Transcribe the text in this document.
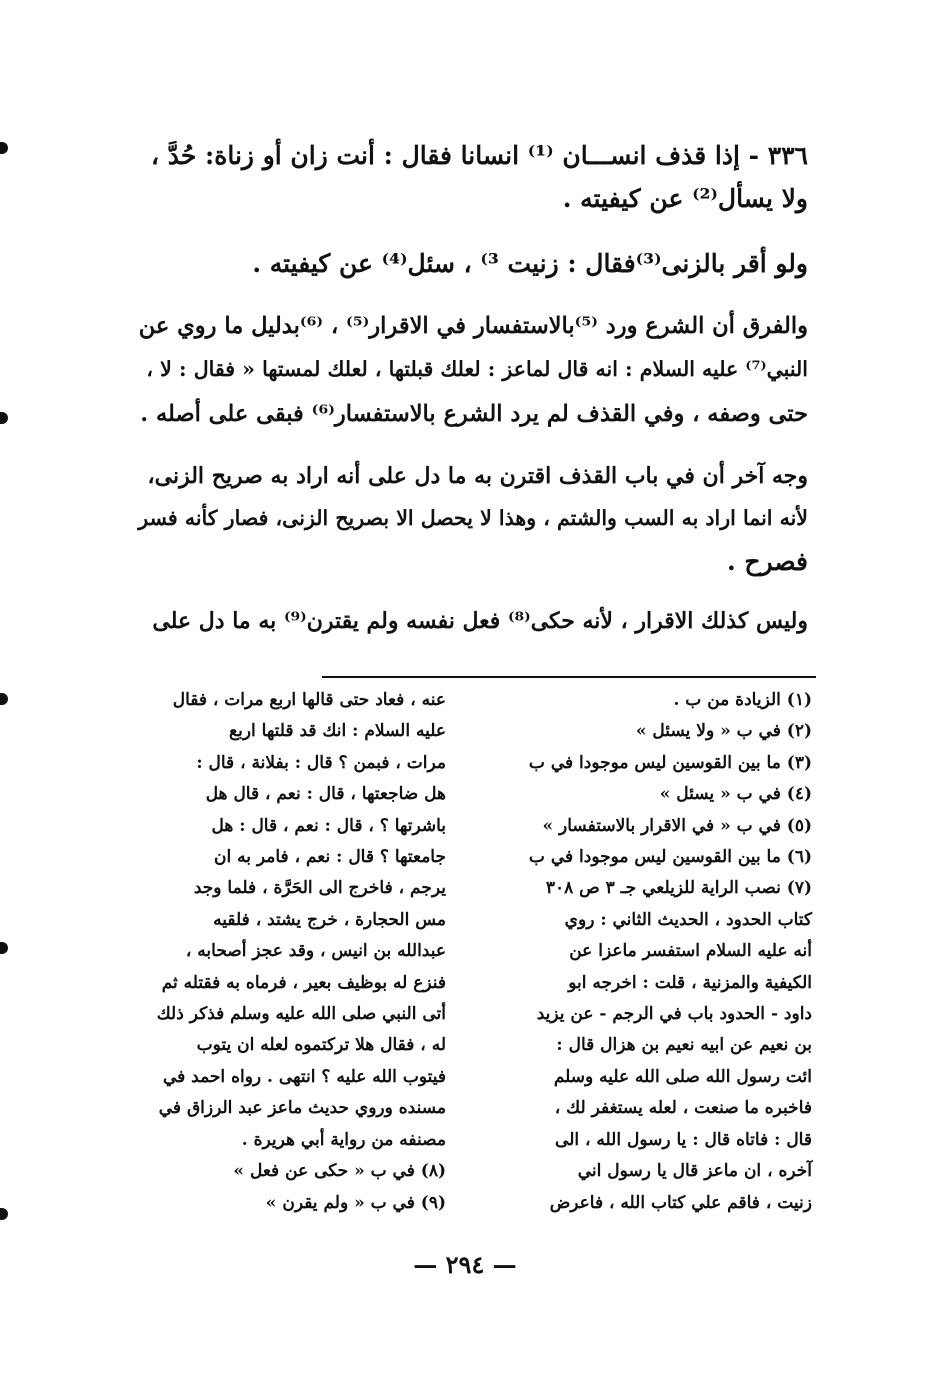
٣٣٦ - إذا قذف انســـان ⁽¹⁾ انسانا فقال : أنت زان أو زناة: حُدَّ ،
ولا يسأل⁽²⁾ عن كيفيته .
ولو أقر بالزنى⁽³⁾فقال : زنيت ³⁾ ، سئل⁽⁴⁾ عن كيفيته .
والفرق أن الشرع ورد ⁽⁵⁾بالاستفسار في الاقرار⁽⁵⁾ ، ⁽⁶⁾بدليل ما روي عن
النبي⁽⁷⁾ عليه السلام : انه قال لماعز : لعلك قبلتها ، لعلك لمستها « فقال : لا ،
حتى وصفه ، وفي القذف لم يرد الشرع بالاستفسار⁽⁶⁾ فبقى على أصله .
وجه آخر أن في باب القذف اقترن به ما دل على أنه اراد به صريح الزنى،
لأنه انما اراد به السب والشتم ، وهذا لا يحصل الا بصريح الزنى، فصار كأنه فسر
فصرح .
وليس كذلك الاقرار ، لأنه حكى⁽⁸⁾ فعل نفسه ولم يقترن⁽⁹⁾ به ما دل على
(١) الزيادة من ب .
(٢) في ب « ولا يسئل »
(٣) ما بين القوسين ليس موجودا في ب
(٤) في ب « يسئل »
(٥) في ب « في الاقرار بالاستفسار »
(٦) ما بين القوسين ليس موجودا في ب
(٧) نصب الراية للزيلعي جـ ٣ ص ٣٠٨
كتاب الحدود ، الحديث الثاني : روي
أنه عليه السلام استفسر ماعزا عن
الكيفية والمزنية ، قلت : اخرجه ابو
داود - الحدود باب في الرجم - عن يزيد
بن نعيم عن ابيه نعيم بن هزال قال :
ائت رسول الله صلى الله عليه وسلم
فاخبره ما صنعت ، لعله يستغفر لك ،
قال : فاتاه قال : يا رسول الله ، الى
آخره ، ان ماعز قال يا رسول اني
زنيت ، فاقم علي كتاب الله ، فاعرض
عنه ، فعاد حتى قالها اربع مرات ، فقال
عليه السلام : انك قد قلتها اربع
مرات ، فبمن ؟ قال : بفلانة ، قال :
هل ضاجعتها ، قال : نعم ، قال هل
باشرتها ؟ ، قال : نعم ، قال : هل
جامعتها ؟ قال : نعم ، فامر به ان
يرجم ، فاخرج الى الحَرَّة ، فلما وجد
مس الحجارة ، خرج يشتد ، فلقيه
عبدالله بن انيس ، وقد عجز أصحابه ،
فنزع له بوظيف بعير ، فرماه به فقتله ثم
أتى النبي صلى الله عليه وسلم فذكر ذلك
له ، فقال هلا تركتموه لعله ان يتوب
فيتوب الله عليه ؟ انتهى . رواه احمد في
مسنده وروي حديث ماعز عبد الرزاق في
مصنفه من رواية أبي هريرة .
(٨) في ب « حكى عن فعل »
(٩) في ب « ولم يقرن »
— ٢٩٤ —
